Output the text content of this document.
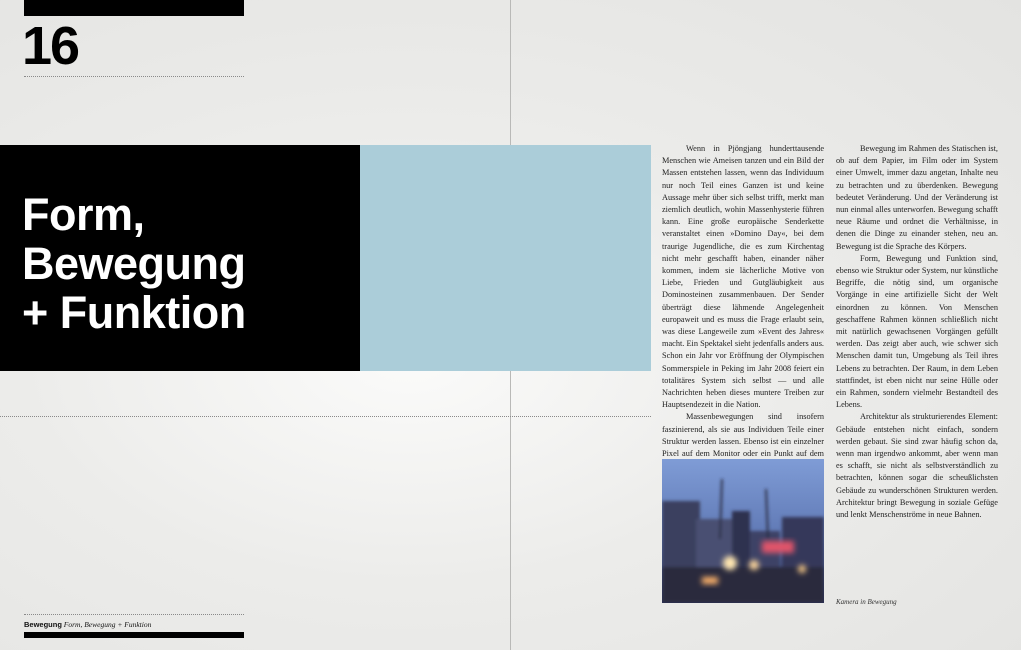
16
Form,
Bewegung
+ Funktion

Wenn in Pjöngjang hunderttausende Menschen wie Ameisen tanzen und ein Bild der Massen entstehen lassen, wenn das Individuum nur noch Teil eines Ganzen ist und keine Aussage mehr über sich selbst trifft, merkt man ziemlich deutlich, wohin Massenhysterie führen kann. Eine große europäische Senderkette veranstaltet einen »Domino Day«, bei dem traurige Jugendliche, die es zum Kirchentag nicht mehr geschafft haben, einander näher kommen, indem sie lächerliche Motive von Liebe, Frieden und Gutgläubigkeit aus Dominosteinen zusammenbauen. Der Sender überträgt diese lähmende Angelegenheit europaweit und es muss die Frage erlaubt sein, was diese Langeweile zum »Event des Jahres« macht. Ein Spektakel sieht jedenfalls anders aus. Schon ein Jahr vor Eröffnung der Olympischen Sommerspiele in Peking im Jahr 2008 feiert ein totalitäres System sich selbst — und alle Nachrichten heben dieses muntere Treiben zur Hauptsendezeit in die Nation.

Massenbewegungen sind insofern faszinierend, als sie aus Individuen Teile einer Struktur werden lassen. Ebenso ist ein einzelner Pixel auf dem Monitor oder ein Punkt auf dem

Bewegung im Rahmen des Statischen ist, ob auf dem Papier, im Film oder im System einer Umwelt, immer dazu angetan, Inhalte neu zu betrachten und zu überdenken. Bewegung bedeutet Veränderung. Und der Veränderung ist nun einmal alles unterworfen. Bewegung schafft neue Räume und ordnet die Verhältnisse, in denen die Dinge zu einander stehen, neu an. Bewegung ist die Sprache des Körpers.

Form, Bewegung und Funktion sind, ebenso wie Struktur oder System, nur künstliche Begriffe, die nötig sind, um organische Vorgänge in eine artifizielle Sicht der Welt einordnen zu können. Von Menschen geschaffene Rahmen können schließlich nicht mit natürlich gewachsenen Vorgängen gefüllt werden. Das zeigt aber auch, wie schwer sich Menschen damit tun, Umgebung als Teil ihres Lebens zu betrachten. Der Raum, in dem Leben stattfindet, ist eben nicht nur seine Hülle oder ein Rahmen, sondern vielmehr Bestandteil des Lebens.

Architektur als strukturierendes Element: Gebäude entstehen nicht einfach, sondern werden gebaut. Sie sind zwar häufig schon da, wenn man irgendwo ankommt, aber wenn man es schafft, sie nicht als selbstverständlich zu betrachten, können sogar die scheußlichsten Gebäude zu wunderschönen Strukturen werden. Architektur bringt Bewegung in soziale Gefüge und lenkt Menschenströme in neue Bahnen.

Kamera in Bewegung
Bewegung Form, Bewegung + Funktion
